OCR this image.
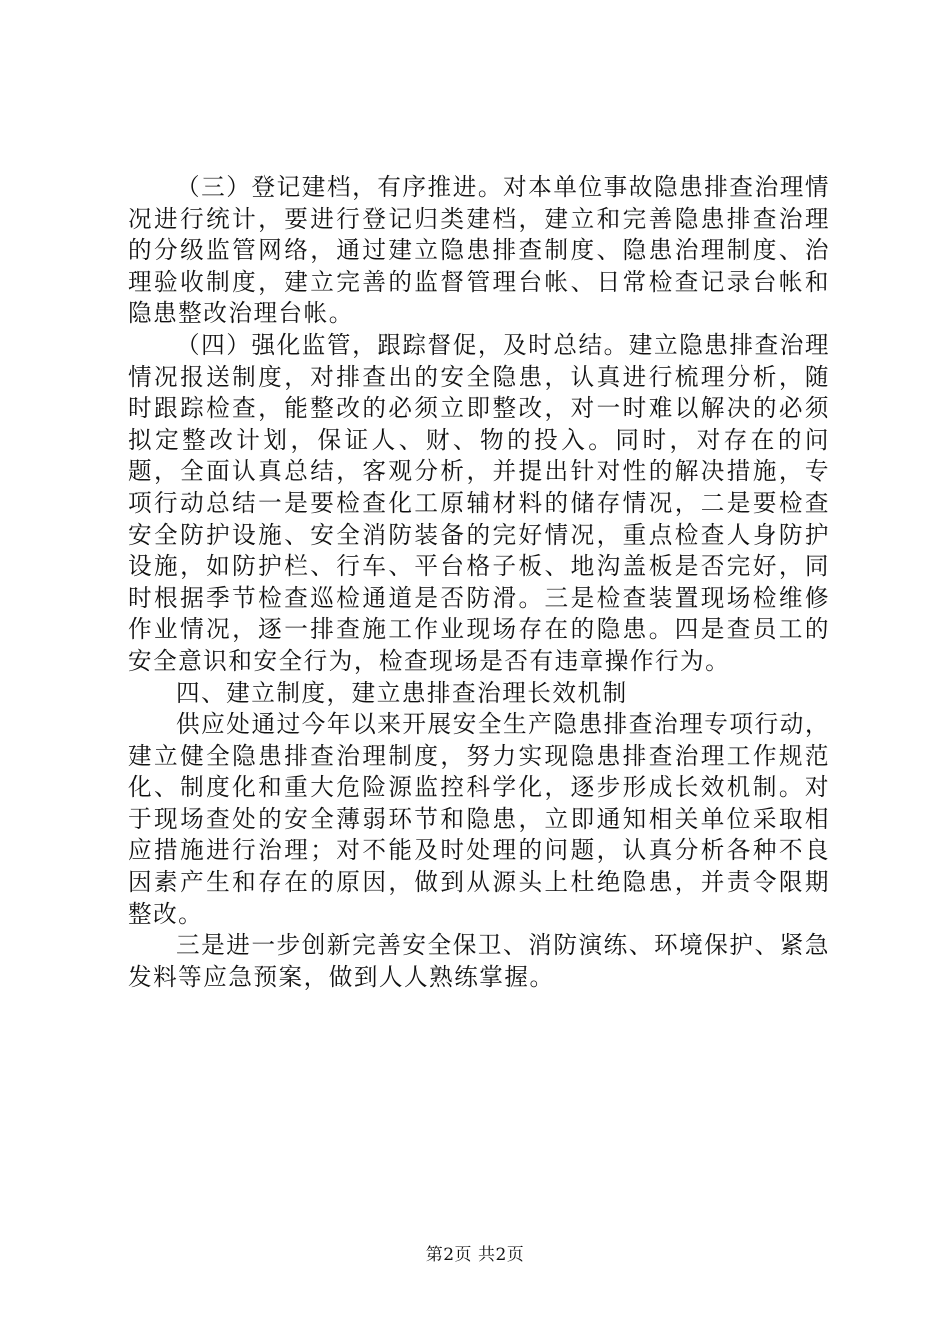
（三）登记建档，有序推进。对本单位事故隐患排查治理情况进行统计，要进行登记归类建档，建立和完善隐患排查治理的分级监管网络，通过建立隐患排查制度、隐患治理制度、治理验收制度，建立完善的监督管理台帐、日常检查记录台帐和隐患整改治理台帐。

（四）强化监管，跟踪督促，及时总结。建立隐患排查治理情况报送制度，对排查出的安全隐患，认真进行梳理分析，随时跟踪检查，能整改的必须立即整改，对一时难以解决的必须拟定整改计划，保证人、财、物的投入。同时，对存在的问题，全面认真总结，客观分析，并提出针对性的解决措施，专项行动总结一是要检查化工原辅材料的储存情况，二是要检查安全防护设施、安全消防装备的完好情况，重点检查人身防护设施，如防护栏、行车、平台格子板、地沟盖板是否完好，同时根据季节检查巡检通道是否防滑。三是检查装置现场检维修作业情况，逐一排查施工作业现场存在的隐患。四是查员工的安全意识和安全行为，检查现场是否有违章操作行为。

四、建立制度，建立患排查治理长效机制

供应处通过今年以来开展安全生产隐患排查治理专项行动，建立健全隐患排查治理制度，努力实现隐患排查治理工作规范化、制度化和重大危险源监控科学化，逐步形成长效机制。对于现场查处的安全薄弱环节和隐患，立即通知相关单位采取相应措施进行治理；对不能及时处理的问题，认真分析各种不良因素产生和存在的原因，做到从源头上杜绝隐患，并责令限期整改。

三是进一步创新完善安全保卫、消防演练、环境保护、紧急发料等应急预案，做到人人熟练掌握。

第2页 共2页
